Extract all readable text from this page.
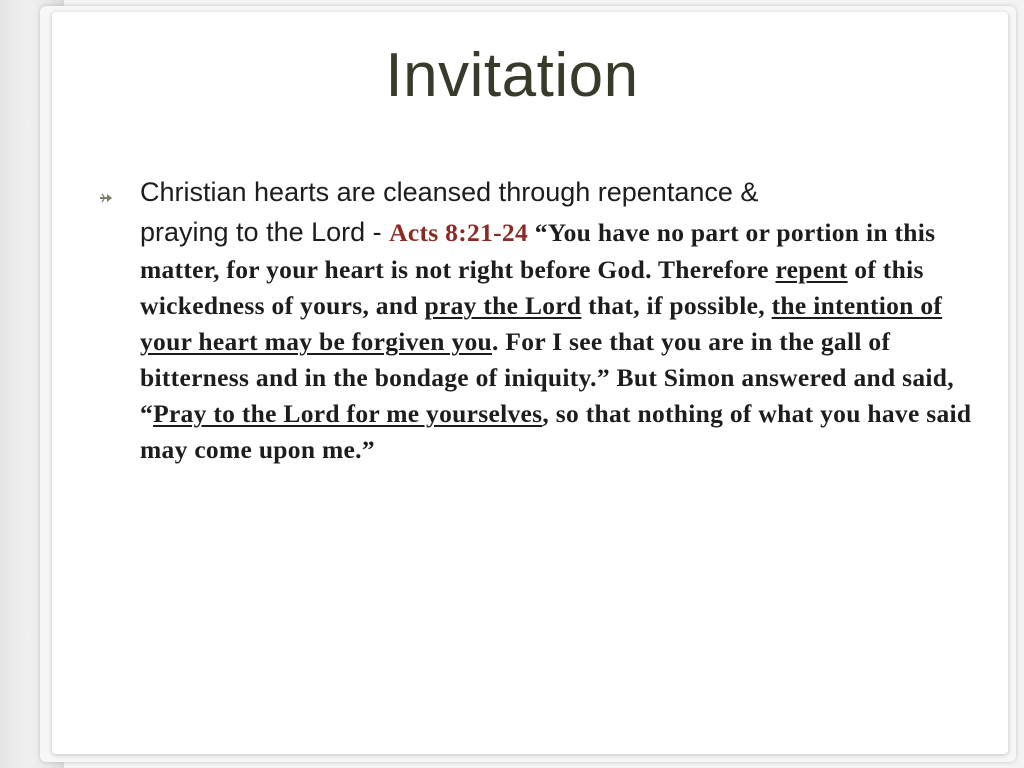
Invitation

Christian hearts are cleansed through repentance &
praying to the Lord - Acts 8:21-24 “You have no part or portion in this matter, for your heart is not right before God. Therefore repent of this wickedness of yours, and pray the Lord that, if possible, the intention of your heart may be forgiven you. For I see that you are in the gall of bitterness and in the bondage of iniquity.” But Simon answered and said, “Pray to the Lord for me yourselves, so that nothing of what you have said may come upon me.”
